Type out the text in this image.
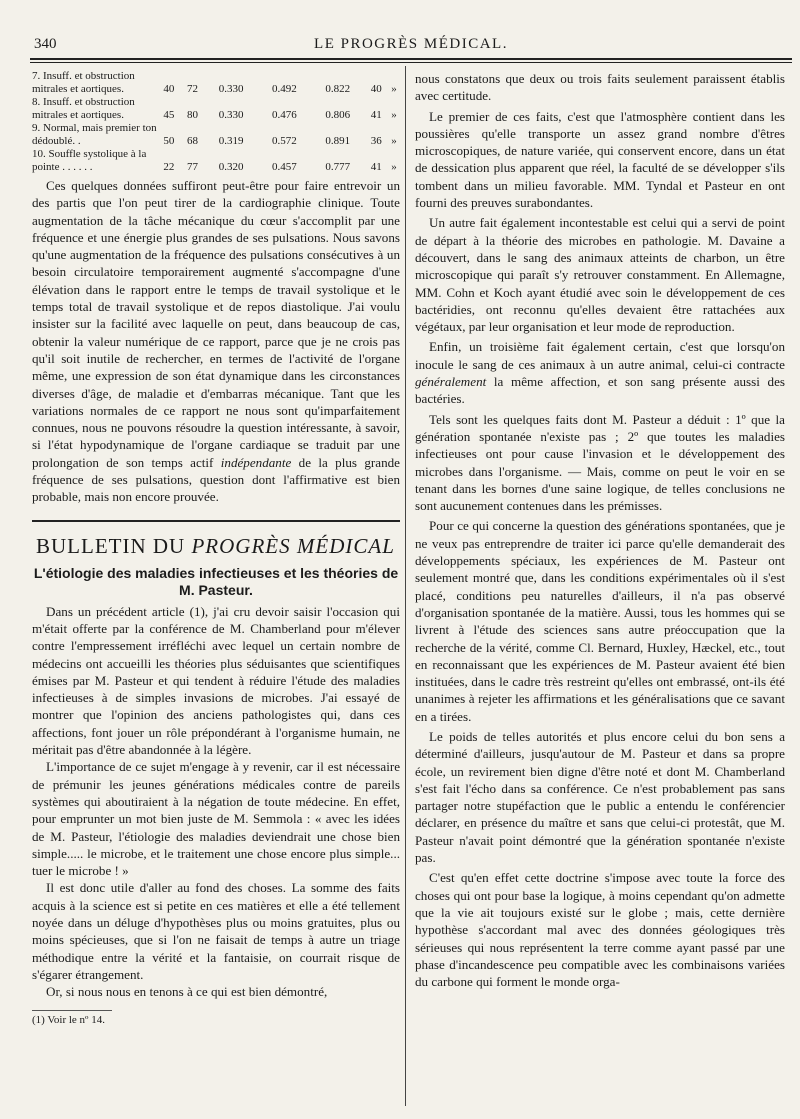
340	LE PROGRÈS MÉDICAL.
7. Insuff. et obstruction mitrales et aortiques.	40	72	0.330	0.492	0.822	40	»
8. Insuff. et obstruction mitrales et aortiques.	45	80	0.330	0.476	0.806	41	»
9. Normal, mais premier ton dédoublé. .	50	68	0.319	0.572	0.891	36	»
10. Souffle systolique à la pointe . . . . . .	22	77	0.320	0.457	0.777	41	»

Ces quelques données suffiront peut-être pour faire entrevoir un des partis que l'on peut tirer de la cardiographie clinique. Toute augmentation de la tâche mécanique du cœur s'accomplit par une fréquence et une énergie plus grandes de ses pulsations. Nous savons qu'une augmentation de la fréquence des pulsations consécutives à un besoin circulatoire temporairement augmenté s'accompagne d'une élévation dans le rapport entre le temps de travail systolique et le temps total de travail systolique et de repos diastolique. J'ai voulu insister sur la facilité avec laquelle on peut, dans beaucoup de cas, obtenir la valeur numérique de ce rapport, parce que je ne crois pas qu'il soit inutile de rechercher, en termes de l'activité de l'organe même, une expression de son état dynamique dans les circonstances diverses d'âge, de maladie et d'embarras mécanique. Tant que les variations normales de ce rapport ne nous sont qu'imparfaitement connues, nous ne pouvons résoudre la question intéressante, à savoir, si l'état hypodynamique de l'organe cardiaque se traduit par une prolongation de son temps actif indépendante de la plus grande fréquence de ses pulsations, question dont l'affirmative est bien probable, mais non encore prouvée.

BULLETIN DU PROGRÈS MÉDICAL
L'étiologie des maladies infectieuses et les théories de M. Pasteur.

Dans un précédent article (1), j'ai cru devoir saisir l'occasion qui m'était offerte par la conférence de M. Chamberland pour m'élever contre l'empressement irréfléchi avec lequel un certain nombre de médecins ont accueilli les théories plus séduisantes que scientifiques émises par M. Pasteur et qui tendent à réduire l'étude des maladies infectieuses à de simples invasions de microbes. J'ai essayé de montrer que l'opinion des anciens pathologistes qui, dans ces affections, font jouer un rôle prépondérant à l'organisme humain, ne méritait pas d'être abandonnée à la légère.

L'importance de ce sujet m'engage à y revenir, car il est nécessaire de prémunir les jeunes générations médicales contre de pareils systèmes qui aboutiraient à la négation de toute médecine. En effet, pour emprunter un mot bien juste de M. Semmola : « avec les idées de M. Pasteur, l'étiologie des maladies deviendrait une chose bien simple..... le microbe, et le traitement une chose encore plus simple... tuer le microbe ! »

Il est donc utile d'aller au fond des choses. La somme des faits acquis à la science est si petite en ces matières et elle a été tellement noyée dans un déluge d'hypothèses plus ou moins gratuites, plus ou moins spécieuses, que si l'on ne faisait de temps à autre un triage méthodique entre la vérité et la fantaisie, on courrait risque de s'égarer étrangement.

Or, si nous nous en tenons à ce qui est bien démontré,

(1) Voir le nº 14.

nous constatons que deux ou trois faits seulement paraissent établis avec certitude.

Le premier de ces faits, c'est que l'atmosphère contient dans les poussières qu'elle transporte un assez grand nombre d'êtres microscopiques, de nature variée, qui conservent encore, dans un état de dessication plus apparent que réel, la faculté de se développer s'ils tombent dans un milieu favorable. MM. Tyndal et Pasteur en ont fourni des preuves surabondantes.

Un autre fait également incontestable est celui qui a servi de point de départ à la théorie des microbes en pathologie. M. Davaine a découvert, dans le sang des animaux atteints de charbon, un être microscopique qui paraît s'y retrouver constamment. En Allemagne, MM. Cohn et Koch ayant étudié avec soin le développement de ces bactéridies, ont reconnu qu'elles devaient être rattachées aux végétaux, par leur organisation et leur mode de reproduction.

Enfin, un troisième fait également certain, c'est que lorsqu'on inocule le sang de ces animaux à un autre animal, celui-ci contracte généralement la même affection, et son sang présente aussi des bactéries.

Tels sont les quelques faits dont M. Pasteur a déduit : 1º que la génération spontanée n'existe pas ; 2º que toutes les maladies infectieuses ont pour cause l'invasion et le développement des microbes dans l'organisme. — Mais, comme on peut le voir en se tenant dans les bornes d'une saine logique, de telles conclusions ne sont aucunement contenues dans les prémisses.

Pour ce qui concerne la question des générations spontanées, que je ne veux pas entreprendre de traiter ici parce qu'elle demanderait des développements spéciaux, les expériences de M. Pasteur ont seulement montré que, dans les conditions expérimentales où il s'est placé, conditions peu naturelles d'ailleurs, il n'a pas observé d'organisation spontanée de la matière. Aussi, tous les hommes qui se livrent à l'étude des sciences sans autre préoccupation que la recherche de la vérité, comme Cl. Bernard, Huxley, Hæckel, etc., tout en reconnaissant que les expériences de M. Pasteur avaient été bien instituées, dans le cadre très restreint qu'elles ont embrassé, ont-ils été unanimes à rejeter les affirmations et les généralisations que ce savant en a tirées.

Le poids de telles autorités et plus encore celui du bon sens a déterminé d'ailleurs, jusqu'autour de M. Pasteur et dans sa propre école, un revirement bien digne d'être noté et dont M. Chamberland s'est fait l'écho dans sa conférence. Ce n'est probablement pas sans partager notre stupéfaction que le public a entendu le conférencier déclarer, en présence du maître et sans que celui-ci protestât, que M. Pasteur n'avait point démontré que la génération spontanée n'existe pas.

C'est qu'en effet cette doctrine s'impose avec toute la force des choses qui ont pour base la logique, à moins cependant qu'on admette que la vie ait toujours existé sur le globe ; mais, cette dernière hypothèse s'accordant mal avec des données géologiques très sérieuses qui nous représentent la terre comme ayant passé par une phase d'incandescence peu compatible avec les combinaisons variées du carbone qui forment le monde orga-
